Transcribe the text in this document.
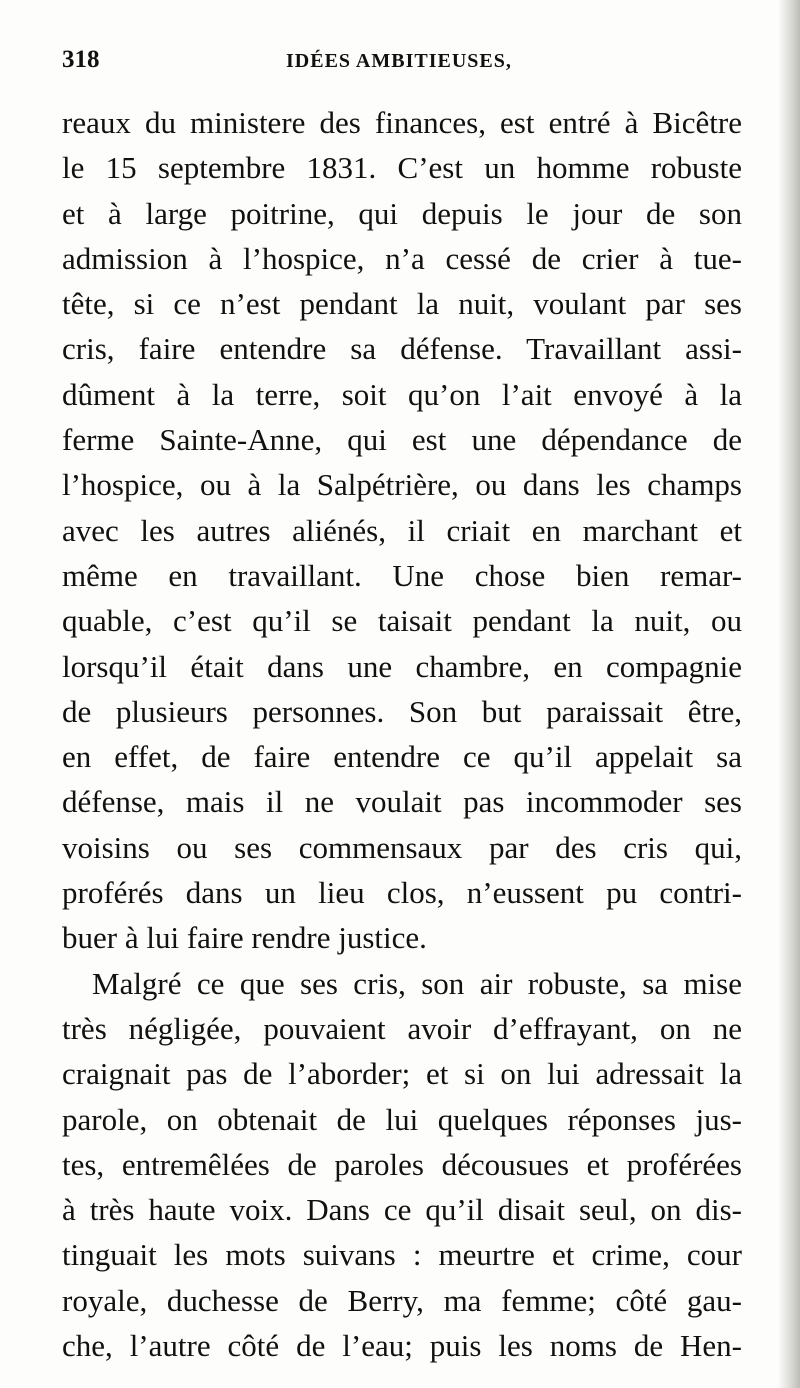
318	IDÉES AMBITIEUSES,
reaux du ministere des finances, est entré à Bicêtre
le 15 septembre 1831. C’est un homme robuste
et à large poitrine, qui depuis le jour de son
admission à l’hospice, n’a cessé de crier à tue-
tête, si ce n’est pendant la nuit, voulant par ses
cris, faire entendre sa défense. Travaillant assi-
dûment à la terre, soit qu’on l’ait envoyé à la
ferme Sainte-Anne, qui est une dépendance de
l’hospice, ou à la Salpétrière, ou dans les champs
avec les autres aliénés, il criait en marchant et
même en travaillant. Une chose bien remar-
quable, c’est qu’il se taisait pendant la nuit, ou
lorsqu’il était dans une chambre, en compagnie
de plusieurs personnes. Son but paraissait être,
en effet, de faire entendre ce qu’il appelait sa
défense, mais il ne voulait pas incommoder ses
voisins ou ses commensaux par des cris qui,
proférés dans un lieu clos, n’eussent pu contri-
buer à lui faire rendre justice.
Malgré ce que ses cris, son air robuste, sa mise
très négligée, pouvaient avoir d’effrayant, on ne
craignait pas de l’aborder; et si on lui adressait la
parole, on obtenait de lui quelques réponses jus-
tes, entremêlées de paroles décousues et proférées
à très haute voix. Dans ce qu’il disait seul, on dis-
tinguait les mots suivans : meurtre et crime, cour
royale, duchesse de Berry, ma femme; côté gau-
che, l’autre côté de l’eau; puis les noms de Hen-
